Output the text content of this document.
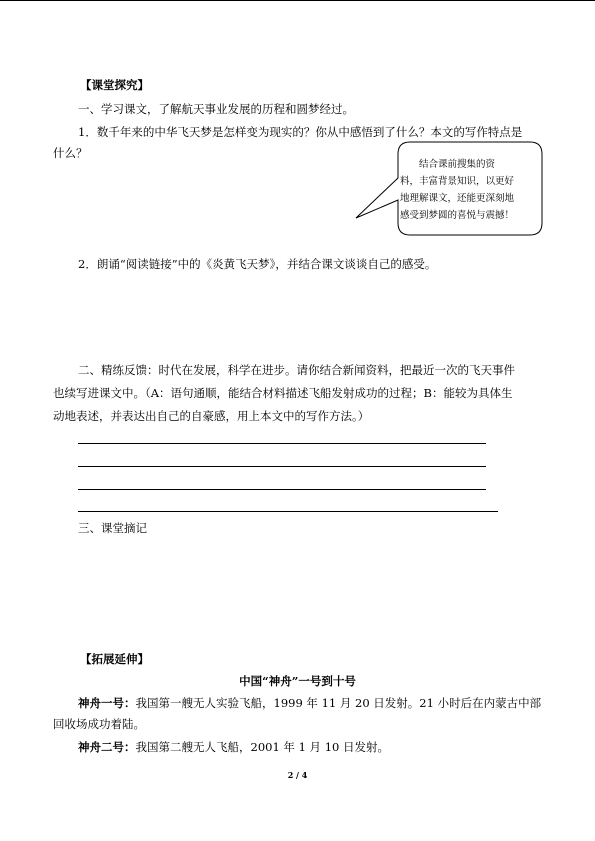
【课堂探究】
一、学习课文，了解航天事业发展的历程和圆梦经过。
1．数千年来的中华飞天梦是怎样变为现实的？你从中感悟到了什么？本文的写作特点是
什么？
结合课前搜集的资
料，丰富背景知识，以更好
地理解课文，还能更深刻地
感受到梦圆的喜悦与震撼！
2．朗诵“阅读链接”中的《炎黄飞天梦》，并结合课文谈谈自己的感受。
二、精练反馈：时代在发展，科学在进步。请你结合新闻资料，把最近一次的飞天事件
也续写进课文中。（A：语句通顺，能结合材料描述飞船发射成功的过程；B：能较为具体生
动地表述，并表达出自己的自豪感，用上本文中的写作方法。）
三、课堂摘记
【拓展延伸】
中国“神舟”一号到十号
神舟一号：我国第一艘无人实验飞船，1999 年 11 月 20 日发射。21 小时后在内蒙古中部
回收场成功着陆。
神舟二号：我国第二艘无人飞船，2001 年 1 月 10 日发射。
2 / 4
